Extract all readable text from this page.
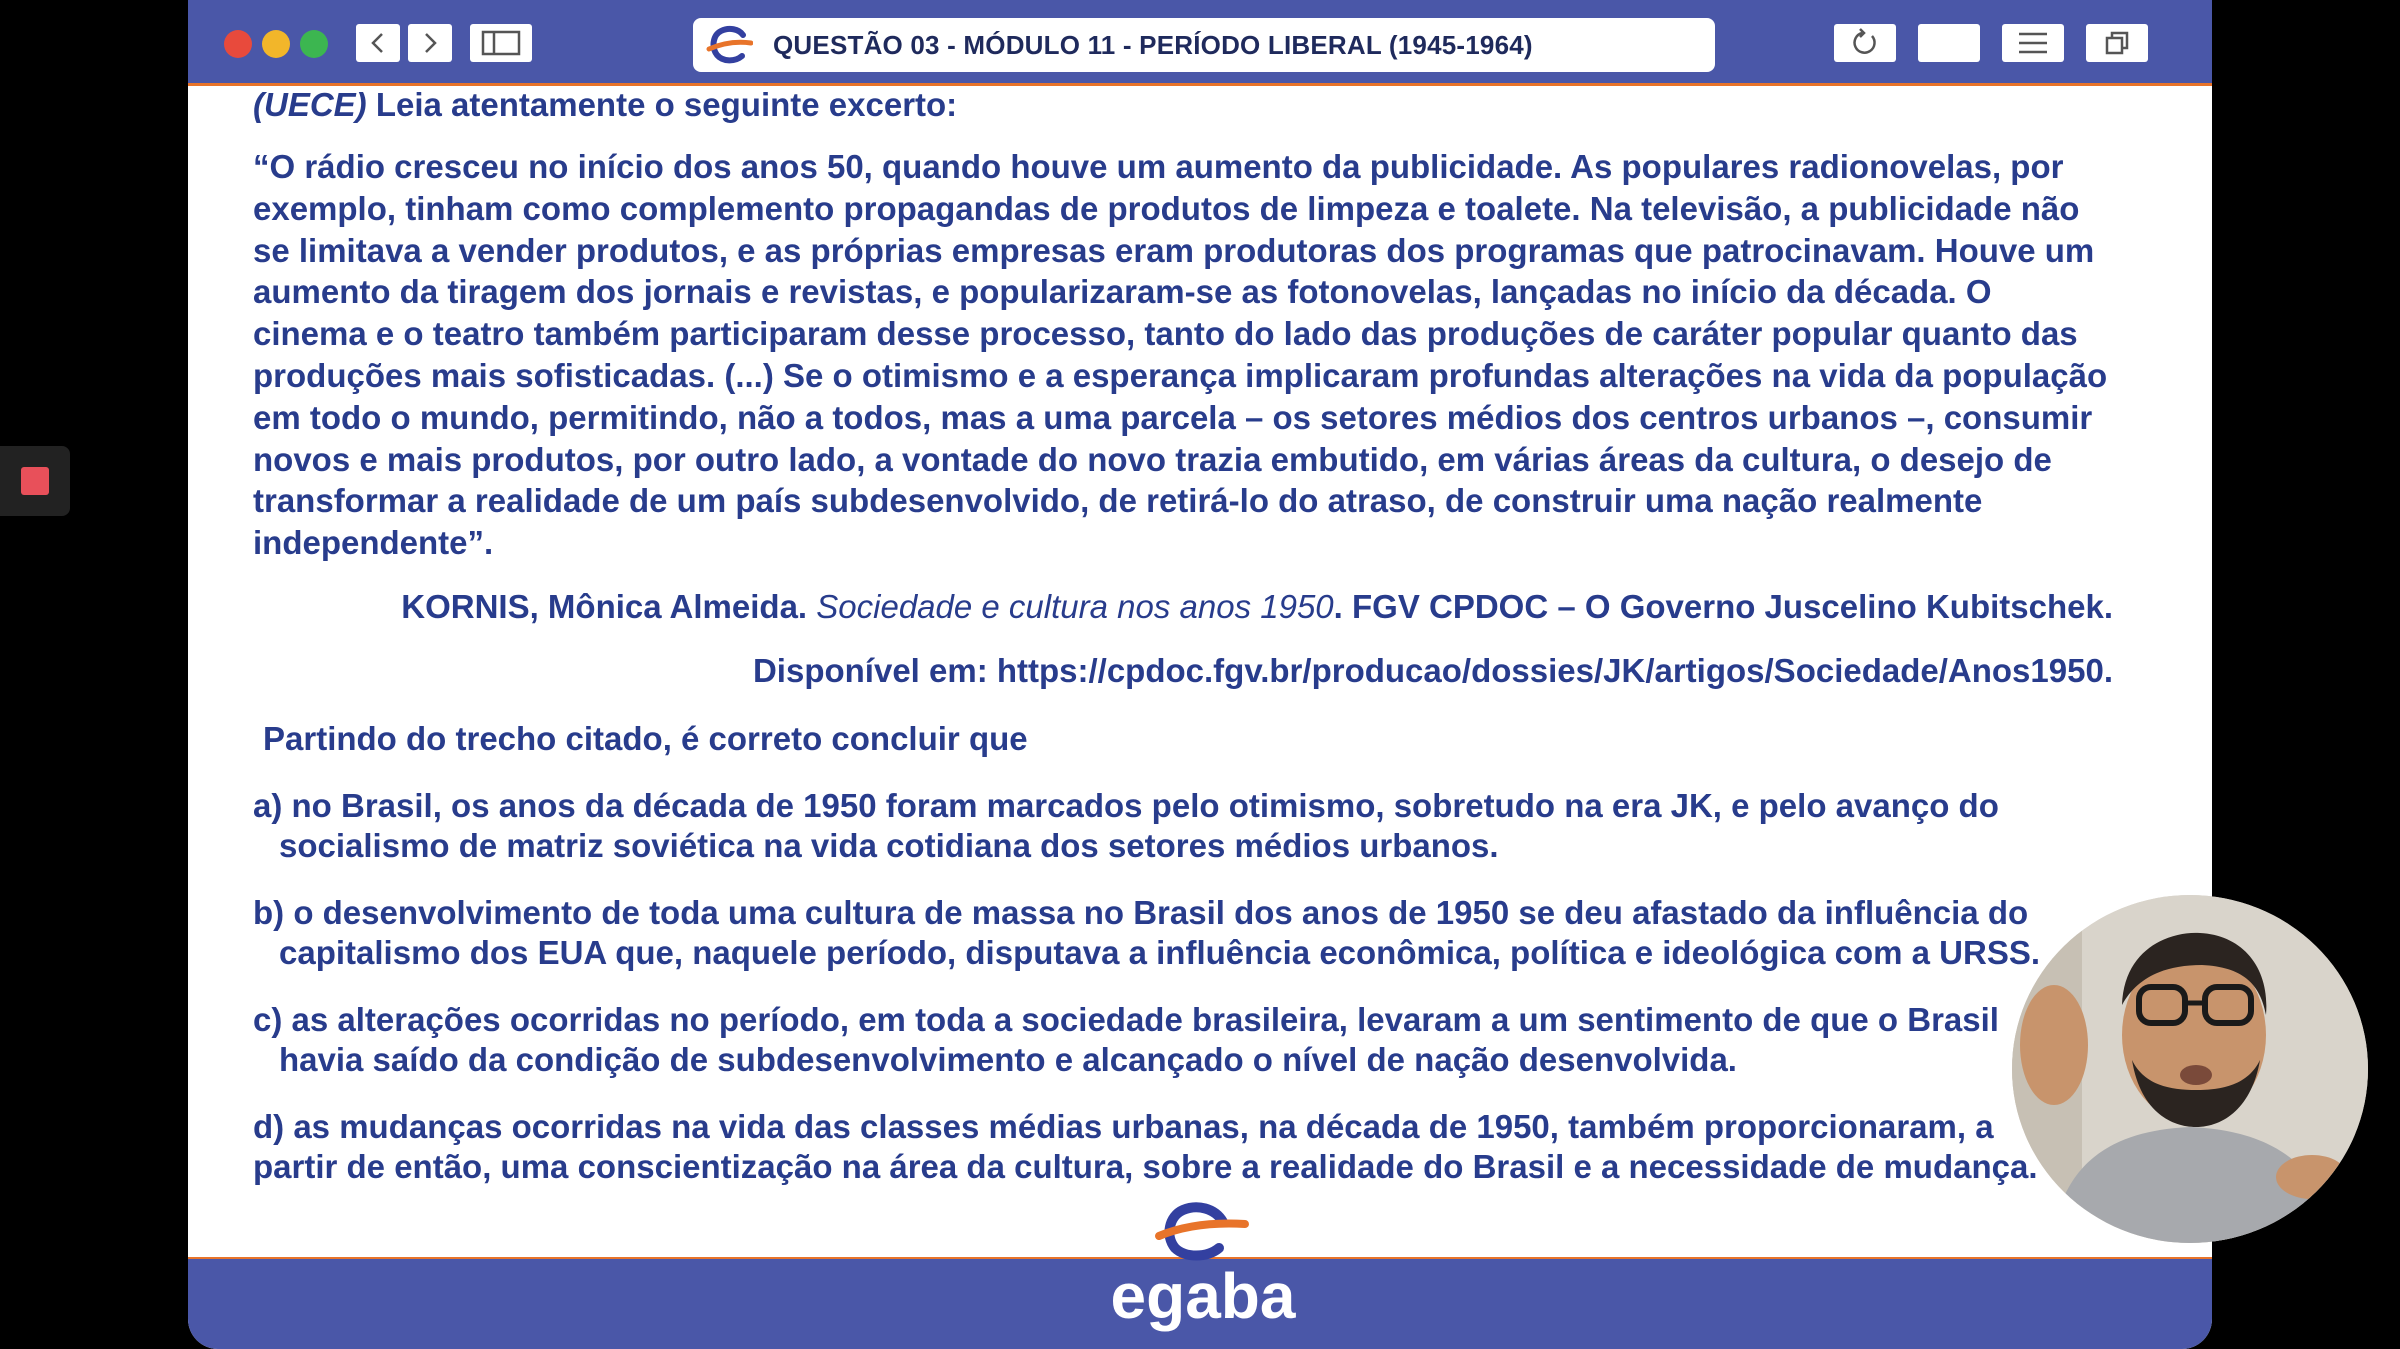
QUESTÃO 03 - MÓDULO 11 - PERÍODO LIBERAL (1945-1964)
(UECE) Leia atentamente o seguinte excerto:
“O rádio cresceu no início dos anos 50, quando houve um aumento da publicidade. As populares radionovelas, por exemplo, tinham como complemento propagandas de produtos de limpeza e toalete. Na televisão, a publicidade não se limitava a vender produtos, e as próprias empresas eram produtoras dos programas que patrocinavam. Houve um aumento da tiragem dos jornais e revistas, e popularizaram-se as fotonovelas, lançadas no início da década. O cinema e o teatro também participaram desse processo, tanto do lado das produções de caráter popular quanto das produções mais sofisticadas. (...) Se o otimismo e a esperança implicaram profundas alterações na vida da população em todo o mundo, permitindo, não a todos, mas a uma parcela – os setores médios dos centros urbanos –, consumir novos e mais produtos, por outro lado, a vontade do novo trazia embutido, em várias áreas da cultura, o desejo de transformar a realidade de um país subdesenvolvido, de retirá-lo do atraso, de construir uma nação realmente independente”.
KORNIS, Mônica Almeida. Sociedade e cultura nos anos 1950. FGV CPDOC – O Governo Juscelino Kubitschek.
Disponível em: https://cpdoc.fgv.br/producao/dossies/JK/artigos/Sociedade/Anos1950.
Partindo do trecho citado, é correto concluir que
a) no Brasil, os anos da década de 1950 foram marcados pelo otimismo, sobretudo na era JK, e pelo avanço do
socialismo de matriz soviética na vida cotidiana dos setores médios urbanos.
b) o desenvolvimento de toda uma cultura de massa no Brasil dos anos de 1950 se deu afastado da influência do
capitalismo dos EUA que, naquele período, disputava a influência econômica, política e ideológica com a URSS.
c) as alterações ocorridas no período, em toda a sociedade brasileira, levaram a um sentimento de que o Brasil
havia saído da condição de subdesenvolvimento e alcançado o nível de nação desenvolvida.
d) as mudanças ocorridas na vida das classes médias urbanas, na década de 1950, também proporcionaram, a
partir de então, uma conscientização na área da cultura, sobre a realidade do Brasil e a necessidade de mudança.
egaba
